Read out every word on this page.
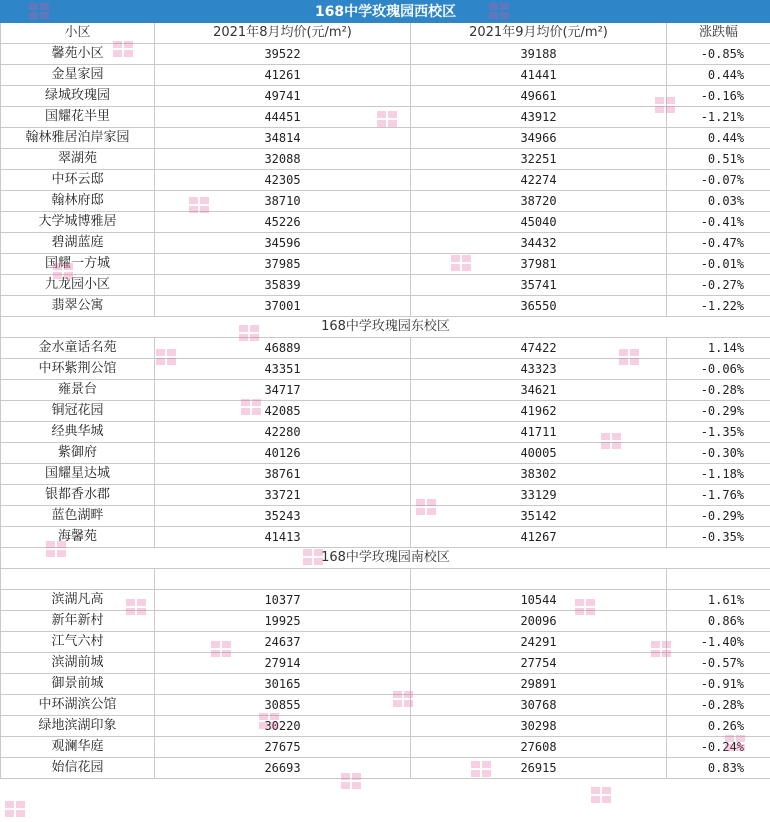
168中学玫瑰园西校区			
小区	2021年8月均价(元/m²)	2021年9月均价(元/m²)	涨跌幅
馨苑小区	39522	39188	-0.85%
金星家园	41261	41441	0.44%
绿城玫瑰园	49741	49661	-0.16%
国耀花半里	44451	43912	-1.21%
翰林雅居泊岸家园	34814	34966	0.44%
翠湖苑	32088	32251	0.51%
中环云邸	42305	42274	-0.07%
翰林府邸	38710	38720	0.03%
大学城博雅居	45226	45040	-0.41%
碧湖蓝庭	34596	34432	-0.47%
国耀一方城	37985	37981	-0.01%
九龙园小区	35839	35741	-0.27%
翡翠公寓	37001	36550	-1.22%
168中学玫瑰园东校区			
金水童话名苑	46889	47422	1.14%
中环紫荆公馆	43351	43323	-0.06%
雍景台	34717	34621	-0.28%
铜冠花园	42085	41962	-0.29%
经典华城	42280	41711	-1.35%
紫御府	40126	40005	-0.30%
国耀星达城	38761	38302	-1.18%
银都香水郡	33721	33129	-1.76%
蓝色湖畔	35243	35142	-0.29%
海馨苑	41413	41267	-0.35%
168中学玫瑰园南校区			

滨湖凡高	10377	10544	1.61%
新年新村	19925	20096	0.86%
江气六村	24637	24291	-1.40%
滨湖前城	27914	27754	-0.57%
御景前城	30165	29891	-0.91%
中环湖滨公馆	30855	30768	-0.28%
绿地滨湖印象	30220	30298	0.26%
观澜华庭	27675	27608	-0.24%
始信花园	26693	26915	0.83%
